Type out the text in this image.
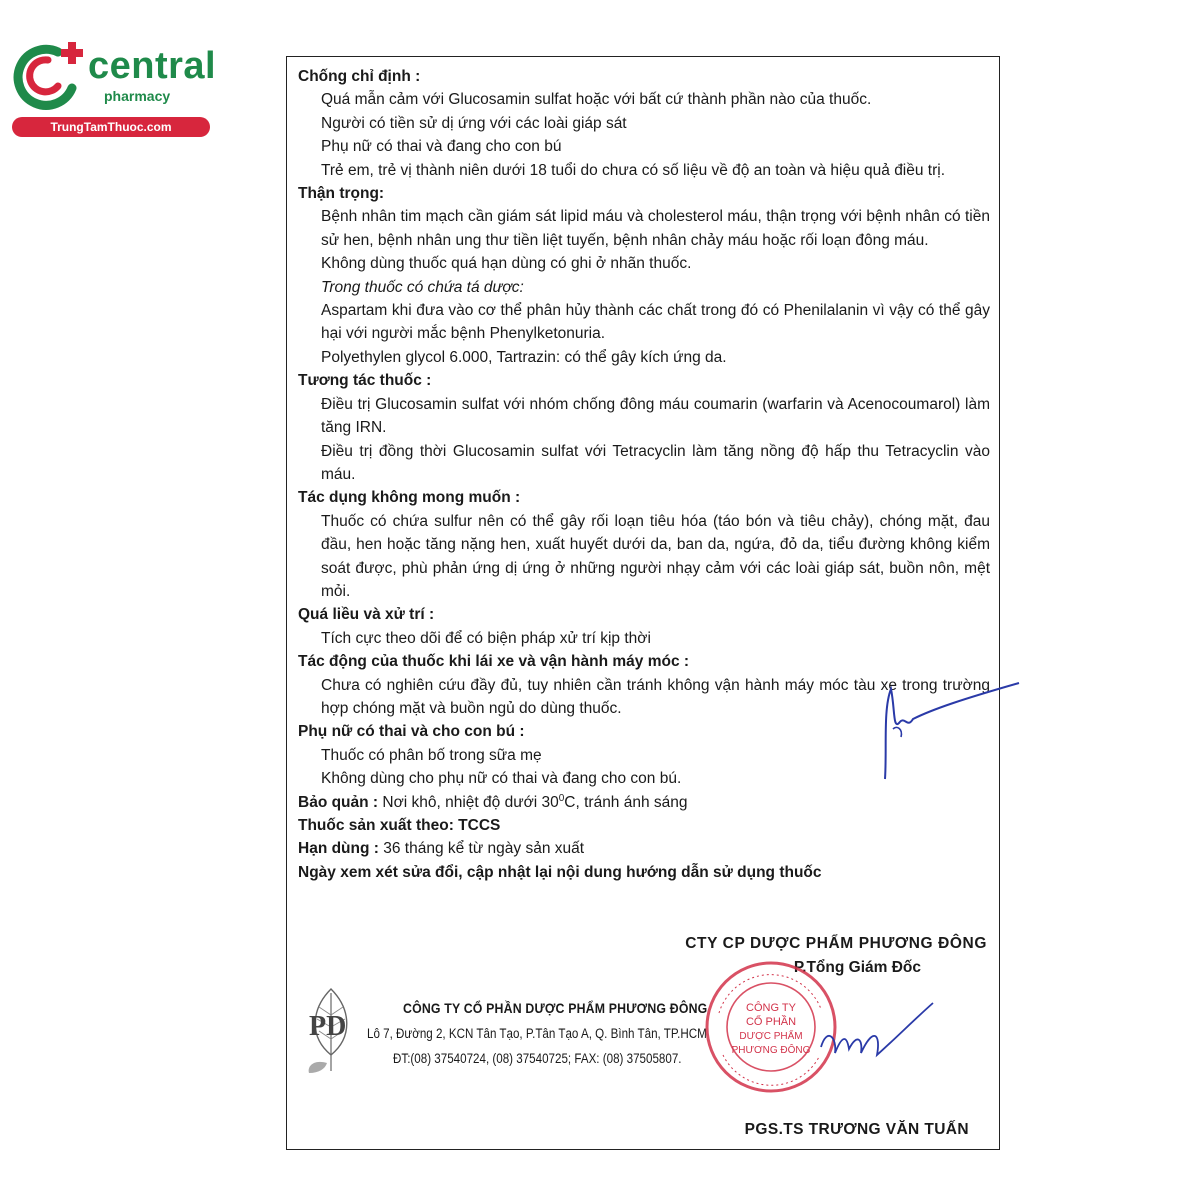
central
pharmacy
TrungTamThuoc.com
Chống chỉ định :
Quá mẫn cảm với Glucosamin sulfat hoặc với bất cứ thành phần nào của thuốc.
Người có tiền sử dị ứng với các loài giáp sát
Phụ nữ có thai và đang cho con bú
Trẻ em, trẻ vị thành niên dưới 18 tuổi do chưa có số liệu về độ an toàn và hiệu quả điều trị.
Thận trọng:
Bệnh nhân tim mạch cần giám sát lipid máu và cholesterol máu, thận trọng với bệnh nhân có tiền sử hen, bệnh nhân ung thư tiền liệt tuyến, bệnh nhân chảy máu hoặc rối loạn đông máu.
Không dùng thuốc quá hạn dùng có ghi ở nhãn thuốc.
Trong thuốc có chứa tá dược:
Aspartam khi đưa vào cơ thể phân hủy thành các chất trong đó có Phenilalanin vì vậy có thể gây hại với người mắc bệnh Phenylketonuria.
Polyethylen glycol 6.000, Tartrazin: có thể gây kích ứng da.
Tương tác thuốc :
Điều trị Glucosamin sulfat với nhóm chống đông máu coumarin (warfarin và Acenocoumarol) làm tăng IRN.
Điều trị đồng thời Glucosamin sulfat với Tetracyclin làm tăng nồng độ hấp thu Tetracyclin vào máu.
Tác dụng không mong muốn :
Thuốc có chứa sulfur nên có thể gây rối loạn tiêu hóa (táo bón và tiêu chảy), chóng mặt, đau đầu, hen hoặc tăng nặng hen, xuất huyết dưới da, ban da, ngứa, đỏ da, tiểu đường không kiểm soát được, phù phản ứng dị ứng ở những người nhạy cảm với các loài giáp sát, buồn nôn, mệt mỏi.
Quá liều và xử trí :
Tích cực theo dõi để có biện pháp xử trí kịp thời
Tác động của thuốc khi lái xe và vận hành máy móc :
Chưa có nghiên cứu đầy đủ, tuy nhiên cần tránh không vận hành máy móc tàu xe trong trường hợp chóng mặt và buồn ngủ do dùng thuốc.
Phụ nữ có thai và cho con bú :
Thuốc có phân bố trong sữa mẹ
Không dùng cho phụ nữ có thai và đang cho con bú.
Bảo quản : Nơi khô, nhiệt độ dưới $30^0C$, tránh ánh sáng
Thuốc sản xuất theo: TCCS
Hạn dùng : 36 tháng kể từ ngày sản xuất
Ngày xem xét sửa đổi, cập nhật lại nội dung hướng dẫn sử dụng thuốc
CTY CP DƯỢC PHẨM PHƯƠNG ĐÔNG
P.Tổng Giám Đốc
PD
CÔNG TY CỔ PHẦN DƯỢC PHẨM PHƯƠNG ĐÔNG
Lô 7, Đường 2, KCN Tân Tạo, P.Tân Tạo A, Q. Bình Tân, TP.HCM
ĐT:(08) 37540724, (08) 37540725; FAX: (08) 37505807.
CÔNG TY
CỔ PHẦN
DƯỢC PHẨM
PHƯƠNG ĐÔNG
PGS.TS TRƯƠNG VĂN TUẤN
